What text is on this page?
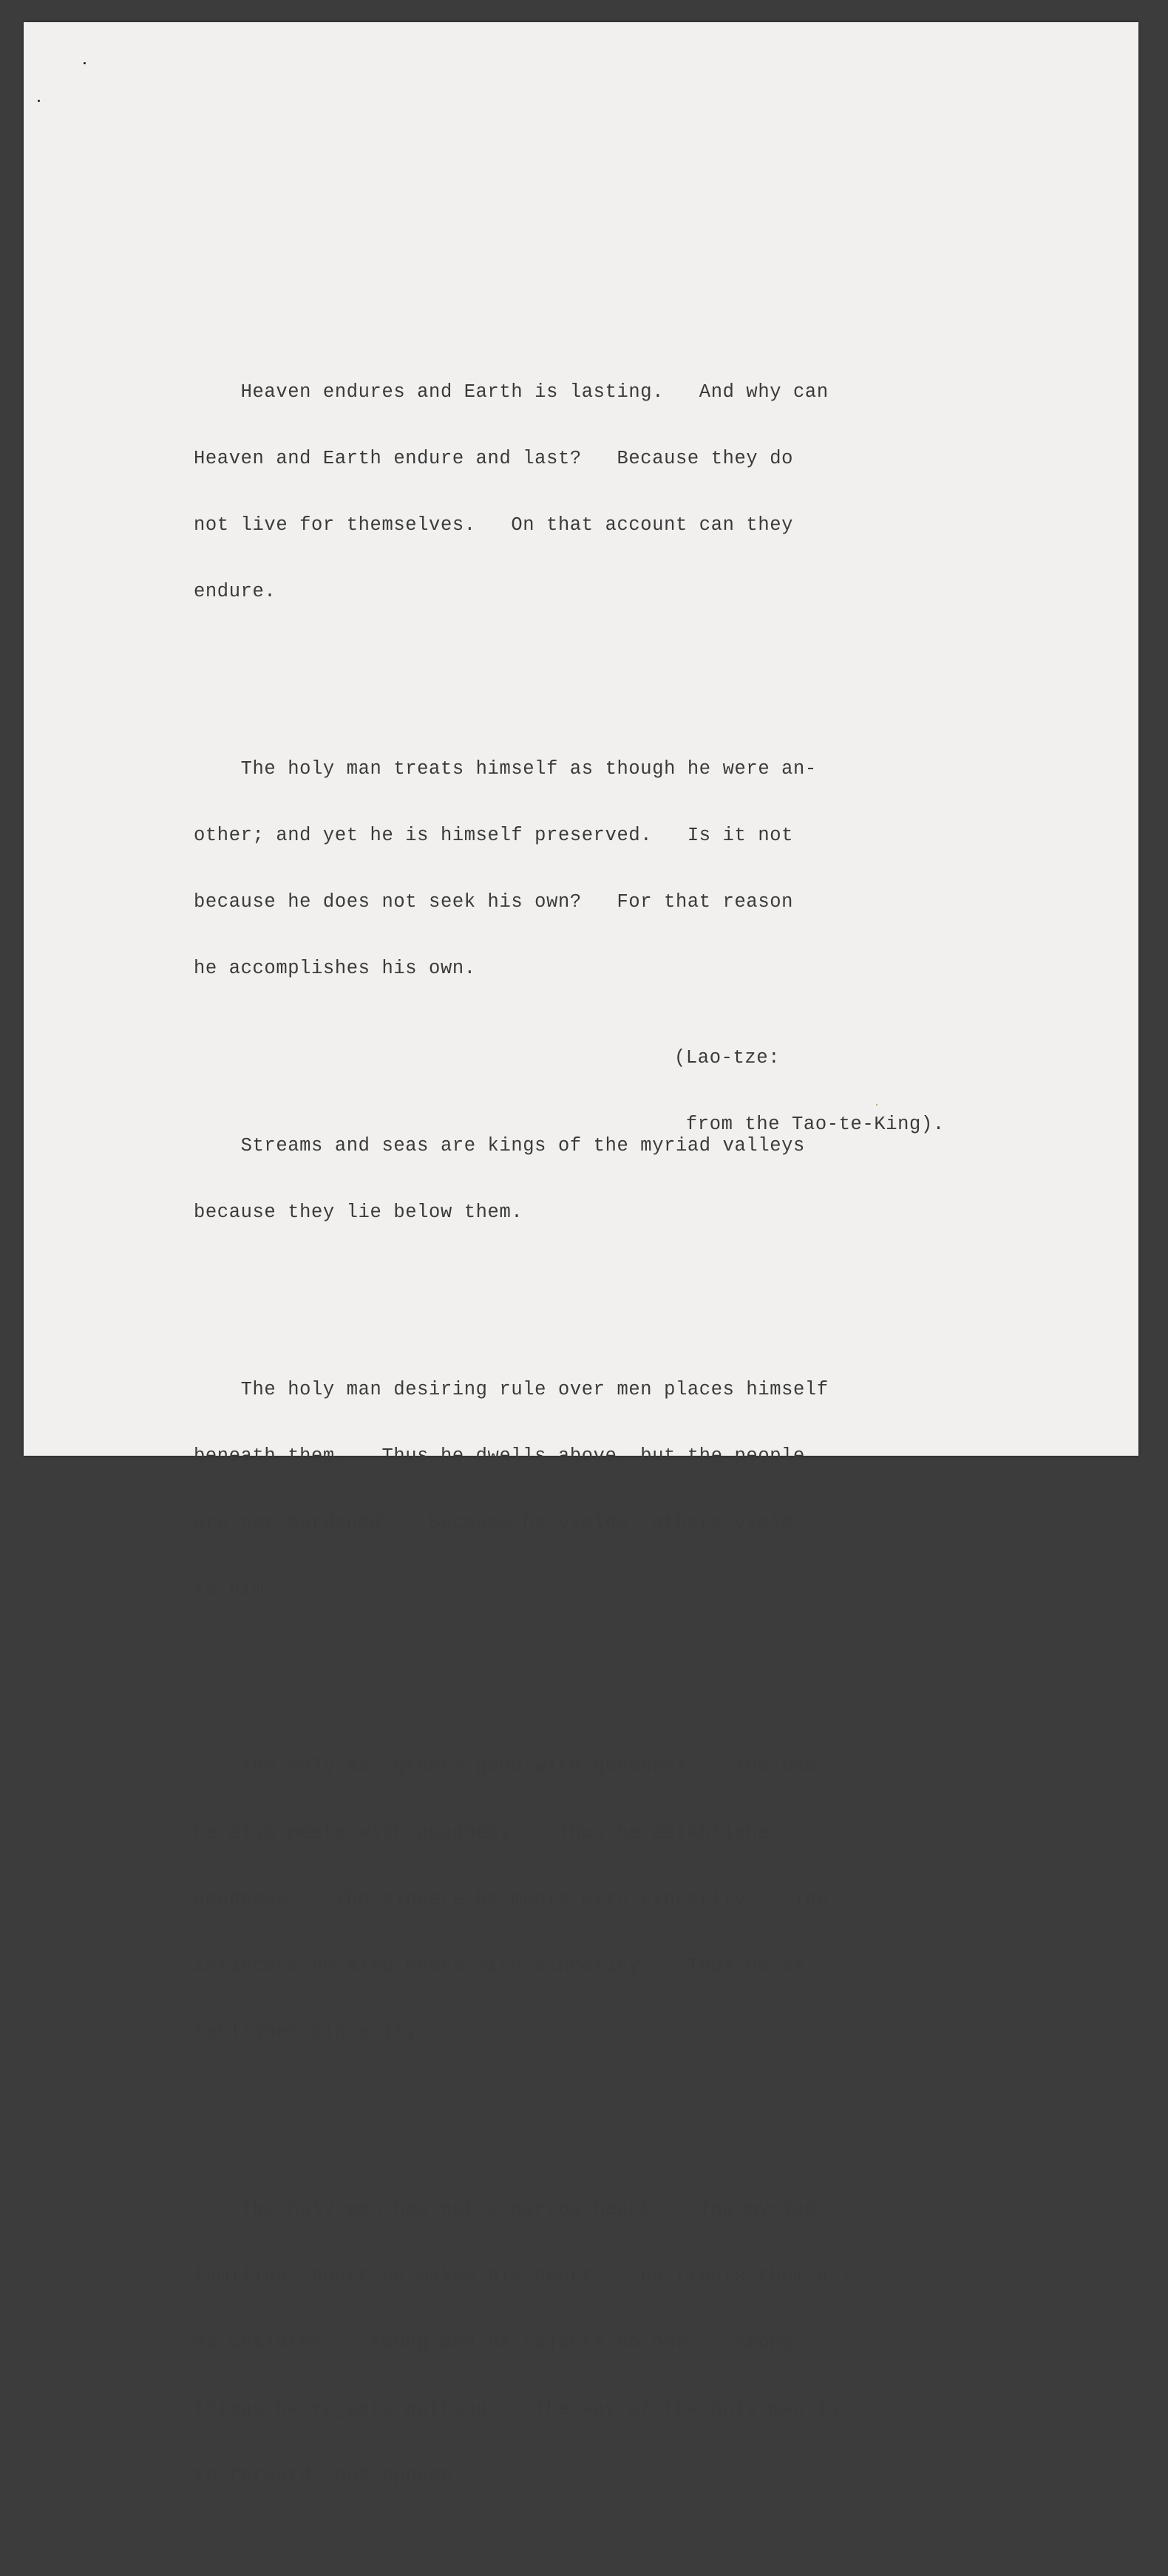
Heaven endures and Earth is lasting.   And why can

Heaven and Earth endure and last?   Because they do

not live for themselves.   On that account can they

endure.

The holy man treats himself as though he were an-

other; and yet he is himself preserved.   Is it not

because he does not seek his own?   For that reason

he accomplishes his own.

Streams and seas are kings of the myriad valleys

because they lie below them.

The holy man desiring rule over men places himself

beneath them.   Thus he dwells above, but the people

are not burdened.   Because he yields, others yield

to him.

The holy man greets good with goodness.   The bad

he also meets with goodness.   Thus he establishes

goodness.   The sincere he meets with sincerity.   The

insincere he also meets with sincerity.   Thus he es-

tablishes sincerity.

The holy man has not a narrow heart.   The myriad

families' heart he makes his heart.   He treats them all

as children.   Among men he rejects no one.   Among

things he rejects nothing.   The way of the holy man is

to forward, not oppose.

(Lao-tze:

from the Tao-te-King).
